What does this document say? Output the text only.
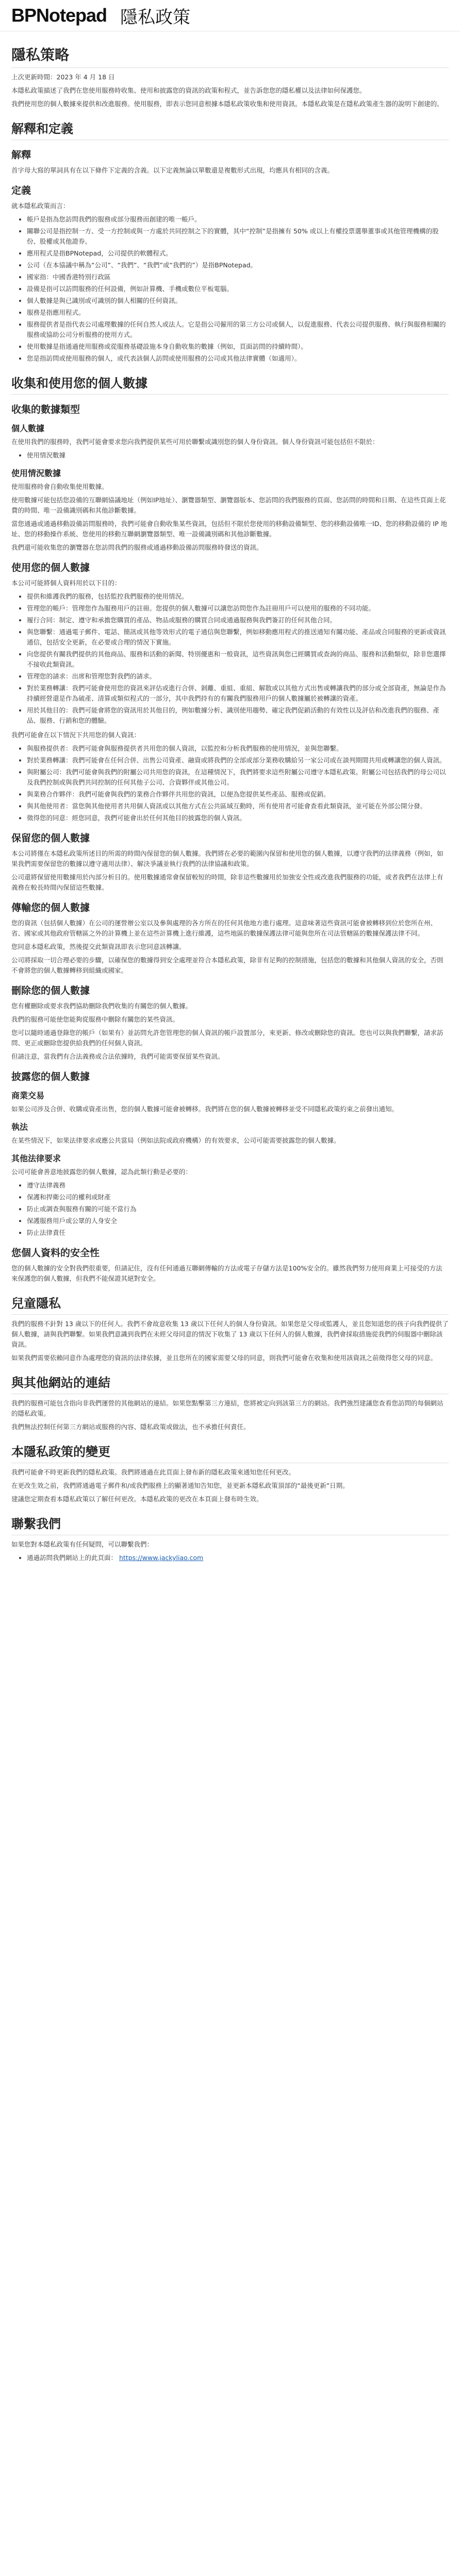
BPNotepad 隱私政策
隱私策略
上次更新時間：2023 年 4 月 18 日

本隱私政策描述了我們在您使用服務時收集、使用和披露您的資訊的政策和程式，並告訴您您的隱私權以及法律如何保護您。

我們使用您的個人數據來提供和改進服務。使用服務，即表示您同意根據本隱私政策收集和使用資訊。本隱私政策是在隱私政策產生器的說明下創建的。

解釋和定義
解釋

首字母大寫的單詞具有在以下條件下定義的含義。以下定義無論以單數還是複數形式出現，均應具有相同的含義。

定義

就本隱私政策而言：

• 帳戶是指為您訪問我們的服務或部分服務而創建的唯一帳戶。
• 關聯公司是指控制一方、受一方控制或與一方處於共同控制之下的實體，其中“控制”是指擁有 50% 或以上有權投票選舉董事或其他管理機構的股份、股權或其他證券。
• 應用程式是指BPNotepad，公司提供的軟體程式。
• 公司（在本協議中稱為“公司”、“我們”、“我們”或“我們的”）是指BPNotepad。
• 國家指：中國香港特別行政區
• 設備是指可以訪問服務的任何設備，例如計算機、手機或數位平板電腦。
• 個人數據是與已識別或可識別的個人相關的任何資訊。
• 服務是指應用程式。
• 服務提供者是指代表公司處理數據的任何自然人或法人。它是指公司僱用的第三方公司或個人，以促進服務、代表公司提供服務、執行與服務相關的服務或協助公司分析服務的使用方式。
• 使用數據是指通過使用服務或從服務基礎設施本身自動收集的數據（例如，頁面訪問的持續時間）。
• 您是指訪問或使用服務的個人，或代表該個人訪問或使用服務的公司或其他法律實體（如適用）。
收集和使用您的個人數據
收集的數據類型
個人數據

在使用我們的服務時，我們可能會要求您向我們提供某些可用於聯繫或識別您的個人身份資訊。個人身份資訊可能包括但不限於：

• 使用情況數據
使用情況數據

使用服務時會自動收集使用數據。

使用數據可能包括您設備的互聯網協議地址（例如IP地址）、瀏覽器類型、瀏覽器版本、您訪問的我們服務的頁面、您訪問的時間和日期、在這些頁面上花費的時間、唯一設備識別碼和其他診斷數據。

當您通過或通過移動設備訪問服務時，我們可能會自動收集某些資訊，包括但不限於您使用的移動設備類型、您的移動設備唯一ID、您的移動設備的 IP 地址、您的移動操作系統、您使用的移動互聯網瀏覽器類型、唯一設備識別碼和其他診斷數據。

我們還可能收集您的瀏覽器在您訪問我們的服務或通過移動設備訪問服務時發送的資訊。

使用您的個人數據

本公司可能將個人資料用於以下目的：

• 提供和維護我們的服務，包括監控我們服務的使用情況。
• 管理您的帳戶：管理您作為服務用戶的註冊。您提供的個人數據可以讓您訪問您作為註冊用戶可以使用的服務的不同功能。
• 履行合同：制定、遵守和承擔您購買的產品、物品或服務的購買合同或通過服務與我們簽訂的任何其他合同。
• 與您聯繫：通過電子郵件、電話、簡訊或其他等效形式的電子通信與您聯繫，例如移動應用程式的推送通知有關功能、產品或合同服務的更新或資訊通信，包括安全更新，在必要或合理的情況下實施。
• 向您提供有關我們提供的其他商品、服務和活動的新聞、特別優惠和一般資訊，這些資訊與您已經購買或查詢的商品、服務和活動類似，除非您選擇不接收此類資訊。
• 管理您的請求：出席和管理您對我們的請求。
• 對於業務轉讓：我們可能會使用您的資訊來評估或進行合併、剝離、重組、重組、解散或以其他方式出售或轉讓我們的部分或全部資產，無論是作為持續經營還是作為破產、清算或類似程式的一部分，其中我們持有的有關我們服務用戶的個人數據屬於被轉讓的資產。
• 用於其他目的：我們可能會將您的資訊用於其他目的，例如數據分析、識別使用趨勢、確定我們促銷活動的有效性以及評估和改進我們的服務、產品、服務、行銷和您的體驗。

我們可能會在以下情況下共用您的個人資訊：

• 與服務提供者：我們可能會與服務提供者共用您的個人資訊，以監控和分析我們服務的使用情況，並與您聯繫。
• 對於業務轉讓：我們可能會在任何合併、出售公司資產、融資或將我們的全部或部分業務收購給另一家公司或在談判期間共用或轉讓您的個人資訊。
• 與附屬公司：我們可能會與我們的附屬公司共用您的資訊，在這種情況下，我們將要求這些附屬公司遵守本隱私政策。附屬公司包括我們的母公司以及我們控制或與我們共同控制的任何其他子公司、合資夥伴或其他公司。
• 與業務合作夥伴：我們可能會與我們的業務合作夥伴共用您的資訊，以便為您提供某些產品、服務或促銷。
• 與其他使用者：當您與其他使用者共用個人資訊或以其他方式在公共區域互動時，所有使用者可能會查看此類資訊，並可能在外部公開分發。
• 徵得您的同意：經您同意，我們可能會出於任何其他目的披露您的個人資訊。
保留您的個人數據

本公司將僅在本隱私政策所述目的所需的時間內保留您的個人數據。我們將在必要的範圍內保留和使用您的個人數據，以遵守我們的法律義務（例如，如果我們需要保留您的數據以遵守適用法律）、解決爭議並執行我們的法律協議和政策。

公司還將保留使用數據用於內部分析目的。使用數據通常會保留較短的時間，除非這些數據用於加強安全性或改進我們服務的功能，或者我們在法律上有義務在較長時間內保留這些數據。

傳輸您的個人數據

您的資訊（包括個人數據）在公司的運營辦公室以及參與處理的各方所在的任何其他地方進行處理。這意味著這些資訊可能會被轉移到位於您所在州、省、國家或其他政府管轄區之外的計算機上並在這些計算機上進行維護，這些地區的數據保護法律可能與您所在司法管轄區的數據保護法律不同。

您同意本隱私政策，然後提交此類資訊即表示您同意該轉讓。

公司將採取一切合理必要的步驟，以確保您的數據得到安全處理並符合本隱私政策，除非有足夠的控制措施，包括您的數據和其他個人資訊的安全，否則不會將您的個人數據轉移到組織或國家。

刪除您的個人數據

您有權刪除或要求我們協助刪除我們收集的有關您的個人數據。

我們的服務可能使您能夠從服務中刪除有關您的某些資訊。

您可以隨時通過登錄您的帳戶（如果有）並訪問允許您管理您的個人資訊的帳戶設置部分，來更新、修改或刪除您的資訊。您也可以與我們聯繫，請求訪問、更正或刪除您提供給我們的任何個人資訊。

但請注意，當我們有合法義務或合法依據時，我們可能需要保留某些資訊。

披露您的個人數據
商業交易

如果公司涉及合併、收購或資產出售，您的個人數據可能會被轉移。我們將在您的個人數據被轉移並受不同隱私政策約束之前發出通知。

執法

在某些情況下，如果法律要求或應公共當局（例如法院或政府機構）的有效要求，公司可能需要披露您的個人數據。

其他法律要求

公司可能會善意地披露您的個人數據，認為此類行動是必要的：

• 遵守法律義務
• 保護和捍衛公司的權利或財產
• 防止或調查與服務有關的可能不當行為
• 保護服務用戶或公眾的人身安全
• 防止法律責任
您個人資料的安全性

您的個人數據的安全對我們很重要，但請記住，沒有任何通過互聯網傳輸的方法或電子存儲方法是100%安全的。雖然我們努力使用商業上可接受的方法來保護您的個人數據，但我們不能保證其絕對安全。

兒童隱私

我們的服務不針對 13 歲以下的任何人。我們不會故意收集 13 歲以下任何人的個人身份資訊。如果您是父母或監護人，並且您知道您的孩子向我們提供了個人數據，請與我們聯繫。如果我們意識到我們在未經父母同意的情況下收集了 13 歲以下任何人的個人數據，我們會採取措施從我們的伺服器中刪除該資訊。

如果我們需要依賴同意作為處理您的資訊的法律依據，並且您所在的國家需要父母的同意，則我們可能會在收集和使用該資訊之前徵得您父母的同意。

與其他網站的連結

我們的服務可能包含指向非我們運營的其他網站的連結。如果您點擊第三方連結，您將被定向到該第三方的網站。我們強烈建議您查看您訪問的每個網站的隱私政策。

我們無法控制任何第三方網站或服務的內容、隱私政策或做法，也不承擔任何責任。

本隱私政策的變更

我們可能會不時更新我們的隱私政策。我們將通過在此頁面上發布新的隱私政策來通知您任何更改。

在更改生效之前，我們將通過電子郵件和/或我們服務上的顯著通知告知您，並更新本隱私政策頂部的“最後更新”日期。

建議您定期查看本隱私政策以了解任何更改。本隱私政策的更改在本頁面上發布時生效。

聯繫我們

如果您對本隱私政策有任何疑問，可以聯繫我們：

• 通過訪問我們網站上的此頁面： https://www.jackyliao.com
